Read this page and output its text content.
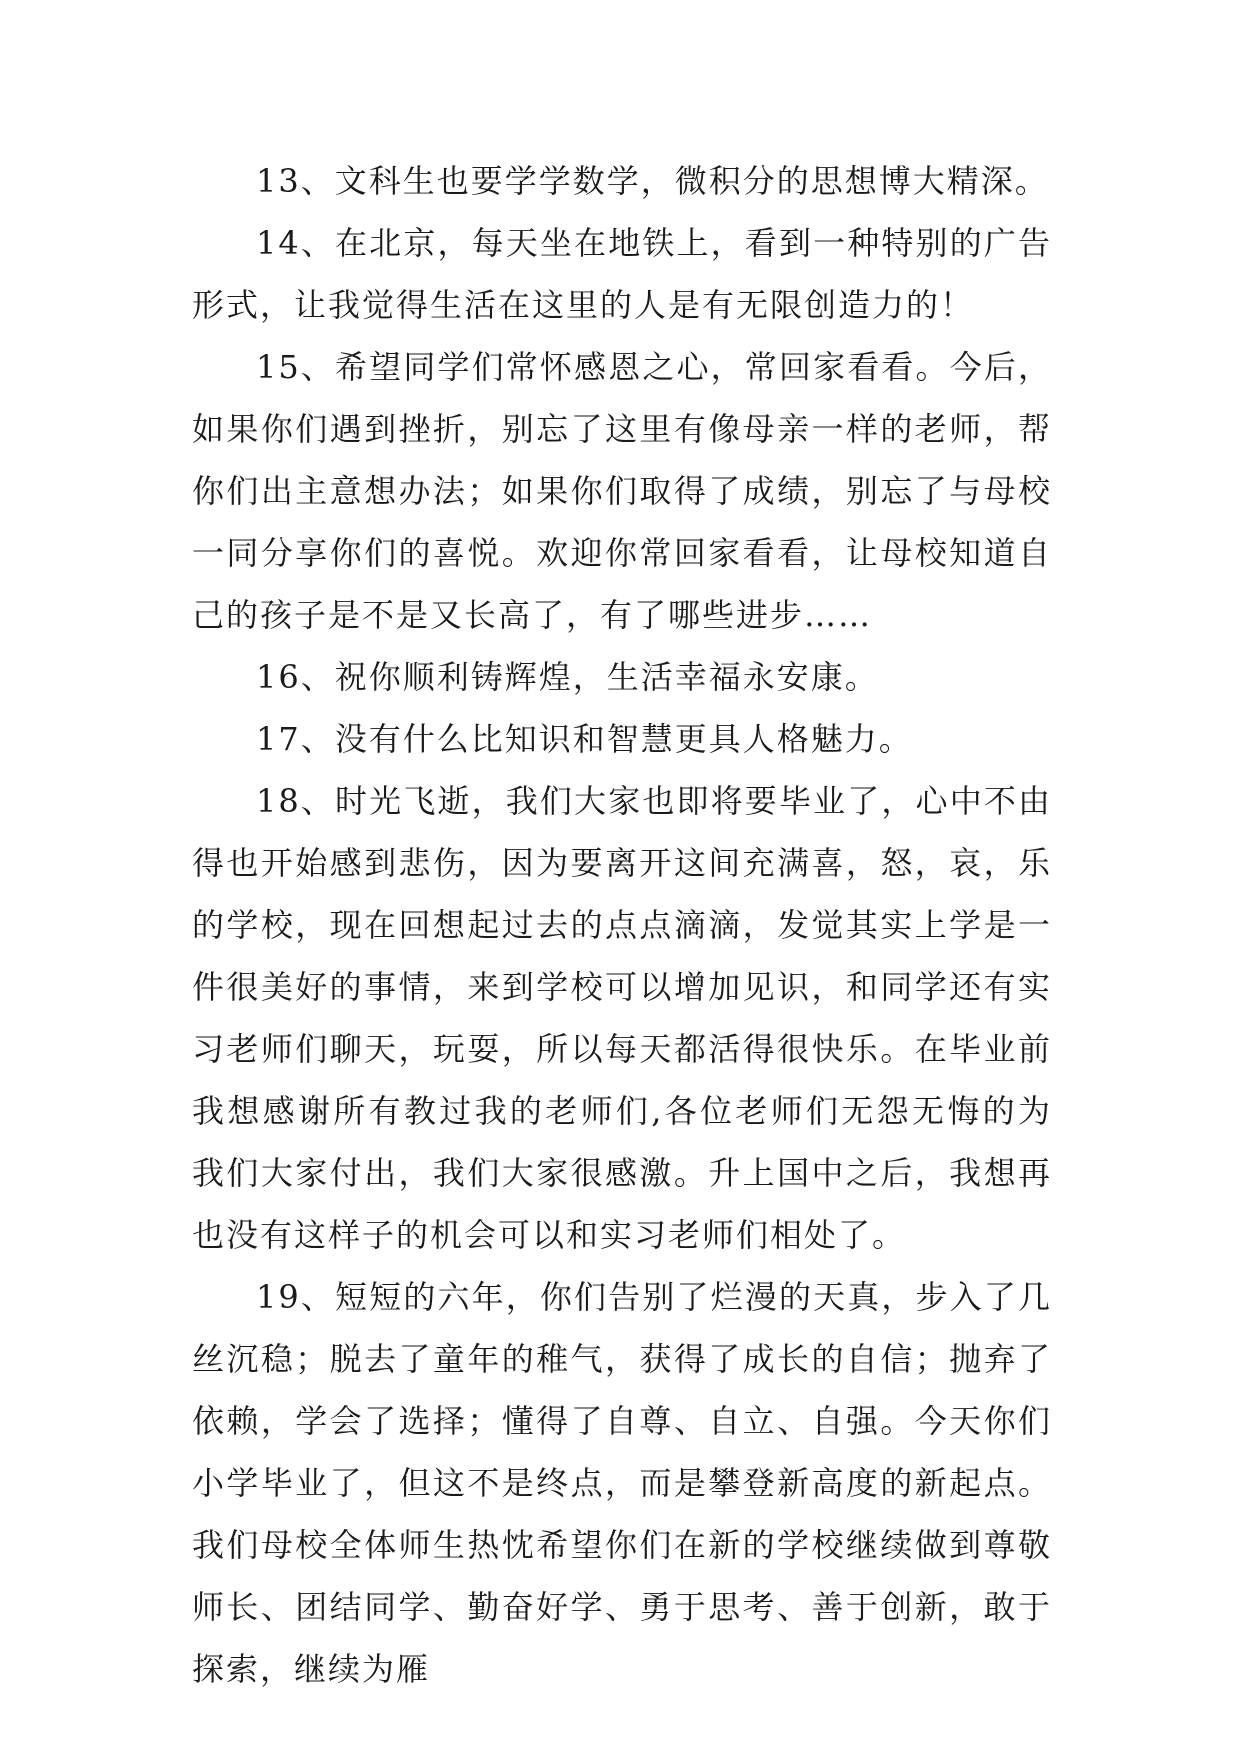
13、文科生也要学学数学，微积分的思想博大精深。

14、在北京，每天坐在地铁上，看到一种特别的广告形式，让我觉得生活在这里的人是有无限创造力的！

15、希望同学们常怀感恩之心，常回家看看。今后，如果你们遇到挫折，别忘了这里有像母亲一样的老师，帮你们出主意想办法；如果你们取得了成绩，别忘了与母校一同分享你们的喜悦。欢迎你常回家看看，让母校知道自己的孩子是不是又长高了，有了哪些进步……

16、祝你顺利铸辉煌，生活幸福永安康。

17、没有什么比知识和智慧更具人格魅力。

18、时光飞逝，我们大家也即将要毕业了，心中不由得也开始感到悲伤，因为要离开这间充满喜，怒，哀，乐的学校，现在回想起过去的点点滴滴，发觉其实上学是一件很美好的事情，来到学校可以增加见识，和同学还有实习老师们聊天，玩耍，所以每天都活得很快乐。在毕业前我想感谢所有教过我的老师们,各位老师们无怨无悔的为我们大家付出，我们大家很感激。升上国中之后，我想再也没有这样子的机会可以和实习老师们相处了。

19、短短的六年，你们告别了烂漫的天真，步入了几丝沉稳；脱去了童年的稚气，获得了成长的自信；抛弃了依赖，学会了选择；懂得了自尊、自立、自强。今天你们小学毕业了，但这不是终点，而是攀登新高度的新起点。我们母校全体师生热忱希望你们在新的学校继续做到尊敬师长、团结同学、勤奋好学、勇于思考、善于创新，敢于探索，继续为雁
